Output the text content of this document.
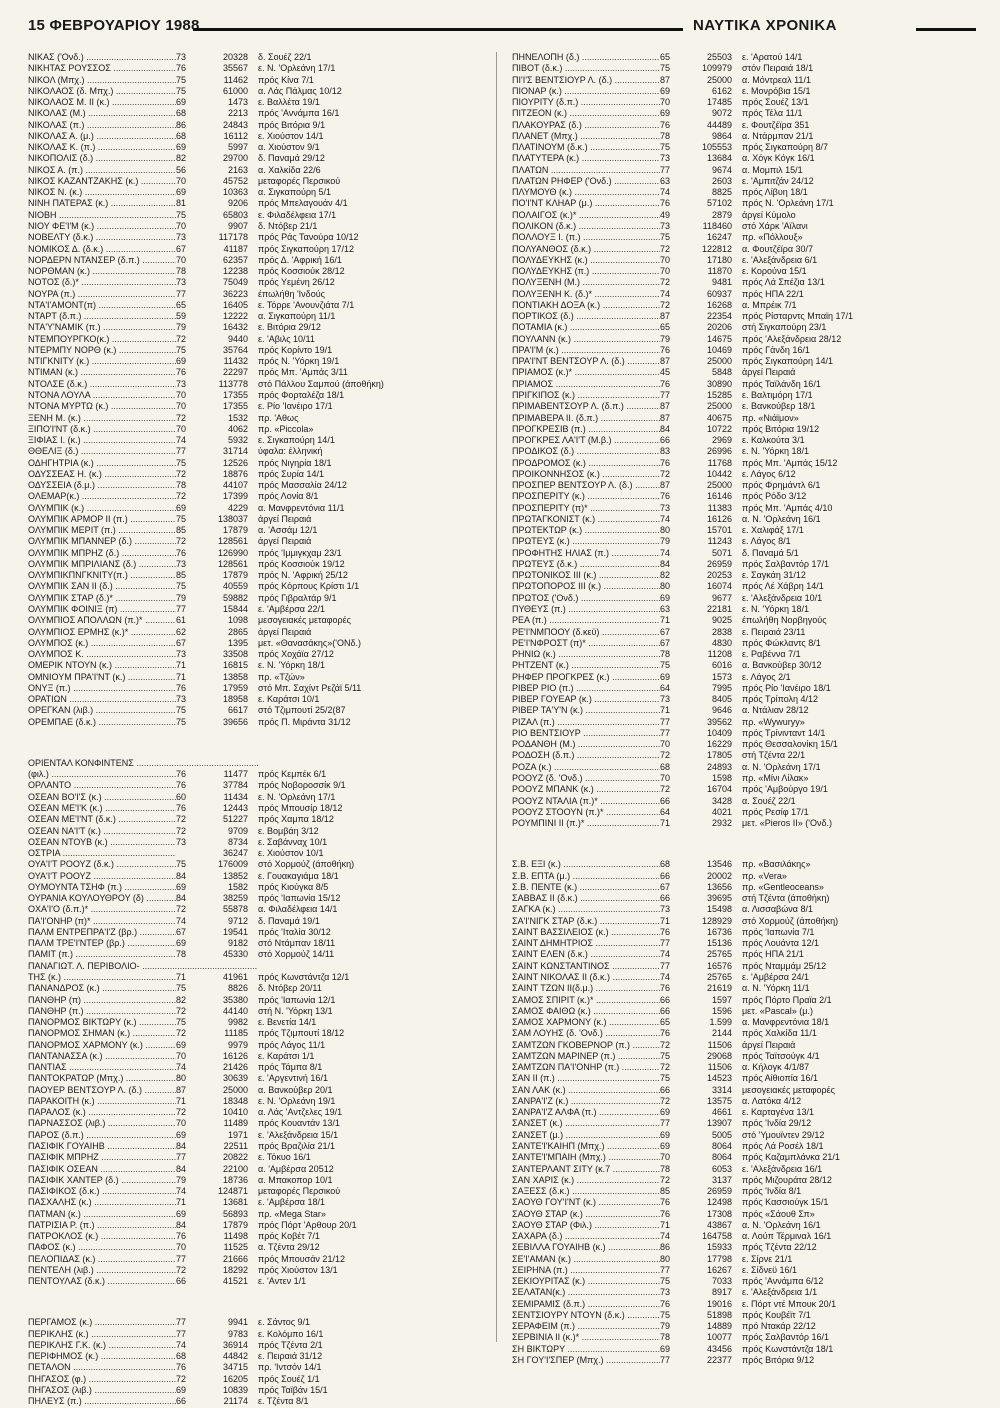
15 ΦΕΒΡΟΥΑΡΙΟΥ 1988	ΝΑΥΤΙΚΑ ΧΡΟΝΙΚΑ
ΝΙΚΑΣ ('Ονδ.) .....	73	20328 δ. Σουέζ 22/1
ΝΙΚΗΤΑΣ ΡΟΥΣΣΟΣ .....	76	35567 ε. Ν. 'Ορλεάνη 17/1
ΝΙΚΟΛ (Μπχ.) .....	75	11462 πρός Κίνα 7/1
ΝΙΚΟΛΑΟΣ (δ. Μπχ.) .....	75	61000 α. Λάς Πάλμας 10/12
ΝΙΚΟΛΑΟΣ Μ. ΙΙ (κ.) .....	69	1473 ε. Βαλλέτα 19/1
ΝΙΚΟΛΑΣ (Μ.) .....	68	2213 πρός 'Αννάμπα 16/1
ΝΙΚΟΛΑΣ (π.) .....	86	24843 πρός Βιτόρια 9/1
ΝΙΚΟΛΑΣ Α. (μ.) .....	68	16112 ε. Χιούστον 14/1
ΝΙΚΟΛΑΣ Κ. (π.) .....	69	5997 α. Χιούστον 9/1
ΝΙΚΟΠΟΛΙΣ (δ.) .....	82	29700 δ. Παναμά 29/12
ΝΙΚΟΣ Α. (π.) .....	56	2163 α. Χαλκίδα 22/6
ΝΙΚΟΣ ΚΑΖΑΝΤΖΑΚΗΣ (κ.) .....	70	45752 μεταφορές Περσικού
ΝΙΚΟΣ Ν. (κ.) .....	69	10363 α. Σιγκαπούρη 5/1
ΝΙΝΗ ΠΑΤΕΡΑΣ (κ.) .....	81	9206 πρός Μπελαγουάν 4/1
ΝΙΟΒΗ .....	75	65803 ε. Φιλαδέλφεια 17/1
ΝΙΟΥ ΦΕ'Ι'Μ (κ.) .....	70	9907 δ. Ντόβερ 21/1
ΝΟΒΕΛΤΥ (δ.κ.) .....	73	117178 πρός Ράς Τανούρα 10/12
ΝΟΜΙΚΟΣ Δ. (δ.κ.) .....	67	41187 πρός Σιγκαπούρη 17/12
ΝΟΡΔΕΡΝ ΝΤΑΝΣΕΡ (δ.π.) .....	70	62357 πρός Δ. 'Αφρική 16/1
ΝΟΡΘΜΑΝ (κ.) .....	78	12238 πρός Κοσσιούκ 28/12
ΝΟΤΟΣ (δ.)* .....	73	75049 πρός Υεμένη 26/12
ΝΟΥΡΑ (π.) .....	77	36223 έπωλήθη 'Ινδούς
ΝΤΑ'Ι'ΑΜΟΝΤ(π) .....	65	16405 ε. Τόρρε 'Ανουνζιάτα 7/1
ΝΤΑΡΤ (δ.π.) .....	59	12222 α. Σιγκαπούρη 11/1
ΝΤΑ'Υ'ΝΑΜΙΚ (π.) .....	79	16432 ε. Βιτόρια 29/12
ΝΤΕΜΠΟΥΡΓΚΟ(κ.) .....	72	9440 ε. 'Αβιλς 10/11
ΝΤΕΡΜΠΥ ΝΟΡΘ (κ.) .....	75	35764 πρός Κορίντο 19/1
ΝΤΙΓΚΝΙΤΥ (κ.) .....	69	11432 πρός Ν. 'Υόρκη 19/1
ΝΤΙΜΑΝ (κ.) .....	76	22297 πρός Μπ. 'Αμπάς 3/11
ΝΤΟΛΣΕ (δ.κ.) .....	73	113778 στό Πάλλου Σαμπού (άποθήκη)
ΝΤΟΝΑ ΛΟΥΛΑ .....	70	17355 πρός Φορταλέζα 18/1
ΝΤΟΝΑ ΜΥΡΤΩ (κ.) .....	70	17355 ε. Ρίο 'Ιανέιρο 17/1
ΞΕΝΗ Μ. (κ.) .....	72	1532 πρ. 'Αθως
ΞΙΠΟ'Ι'ΝΤ (δ.κ.) .....	70	4062 πρ. «Piccola»
ΞΙΦΙΑΣ Ι. (κ.) .....	74	5932 ε. Σιγκαπούρη 14/1
ΘΘΕΛΙΞ (δ.) .....	77	31714 ύφαλα: έλληνική
ΟΔΗΓΗΤΡΙΑ (κ.) .....	75	12526 πρός Νιγηρία 18/1
ΟΔΥΣΣΕΑΣ Η. (κ.) .....	72	18876 πρός Συρία 14/1
ΟΔΥΣΣΕΙΑ (δ.μ.) .....	78	44107 πρός Μασσαλία 24/12
ΟΛΕΜΑΡ(κ.) .....	72	17399 πρός Λονία 8/1
ΟΛΥΜΠΙΚ (κ.) .....	69	4229 α. Μανφρεντόνια 11/1
ΟΛΥΜΠΙΚ ΑΡΜΟΡ ΙΙ (π.) .....	75	138037 άργεί Πειραιά
ΟΛΥΜΠΙΚ ΜΕΡΙΤ (π.) .....	85	17879 α. 'Ασσάμ 12/1
ΟΛΥΜΠΙΚ ΜΠΑΝΝΕΡ (δ.) .....	72	128561 άργεί Πειραιά
ΟΛΥΜΠΙΚ ΜΠΡΗΖ (δ.) .....	76	126990 πρός 'Ιμμιγκχαμ 23/1
ΟΛΥΜΠΙΚ ΜΠΡΙΛΙΑΝΣ (δ.) .....	73	128561 πρός Κοσσιούκ 19/12
ΟΛΥΜΠΙΚΠΝΓΚΝΙΤΥ(π.) .....	85	17879 πρός Ν. 'Αφρική 25/12
ΟΛΥΜΠΙΚ ΣΑΝ ΙΙ (δ.) .....	75	40559 πρός Κόρπους Κρίστι 1/1
ΟΛΥΜΠΙΚ ΣΤΑΡ (δ.)* .....	79	59882 πρός Γιβραλτάρ 9/1
ΟΛΥΜΠΙΚ ΦΟΙΝΙΞ (π) .....	77	15844 ε. 'Αμβέρσα 22/1
ΟΛΥΜΠΙΟΣ ΑΠΟΛΛΩΝ (π.)* .....	61	1098 μεσογειακές μεταφορές
ΟΛΥΜΠΙΟΣ ΕΡΜΗΣ (κ.)* .....	62	2865 άργεί Πειραιά
ΟΛΥΜΠΟΣ (κ.) .....	67	1395 μετ. «Θανασάκης»('ΟΝδ.)
ΟΛΥΜΠΟΣ Κ. .....	73	33508 πρός Χοχάϊα 27/12
ΟΜΕΡΙΚ ΝΤΟΥΝ (κ.) .....	71	16815 ε. Ν. 'Υόρκη 18/1
ΟΜΝΙΟΥΜ ΠΡΑ'Ι'ΝΤ (κ.) .....	71	13858 πρ. «Τζών»
ΟΝΥΞ (π.) .....	76	17959 στό Μπ. Σαχίντ Ρεζάϊ 5/11
ΟΡΑΤΙΩΝ .....	73	18958 ε. Καράτσι 10/1
ΟΡΕΓΚΑΝ (λιβ.) .....	75	6617 στό Τζιμπουτί 25/2(87
ΟΡΕΜΠΑΕ (δ.κ.) .....	75	39656 πρός Π. Μιράντα 31/12
ΟΡΙΕΝΤΑΛ ΚΟΝΦΙΝΤΕΝΣ .....
(φιλ.) .....	76	11477 πρός Κεμπέκ 6/1
ΟΡΛΑΝΤΟ .....	76	37784 πρός Νοβοροσσίκ 9/1
ΟΣΕΑΝ ΒΟ'Ι'Σ (κ.) .....	60	11434 ε. Ν. 'Ορλεάνη 17/1
ΟΣΕΑΝ ΜΕ'Ι'Κ (κ.) .....	76	12443 πρός Μπουσίρ 18/12
ΟΣΕΑΝ ΜΕ'Ι'ΝΤ (δ.κ.) .....	72	51227 πρός Χαμπα 18/12
ΟΣΕΑΝ ΝΑ'Ι'Τ (κ.) .....	72	9709 ε. Βομβάη 3/12
ΟΣΕΑΝ ΝΤΟΥΒ (κ.) .....	73	8734 ε. Σαβάνναχ 10/1
ΟΣΤΡΙΑ .....	36247 ε. Χιούστον 10/1
ΟΥΑ'Ι'Τ ΡΟΟΥΖ (δ.κ.) .....	75	176009 στό Χορμούζ (άποθήκη)
ΟΥΑ'Ι'Τ ΡΟΟΥΖ .....	84	13852 ε. Γουακαγιάμα 18/1
ΟΥΜΟΥΝΤΑ ΤΣΗΦ (π.) .....	69	1582 πρός Κιούγκα 8/5
ΟΥΡΑΝΙΑ ΚΟΥΛΟΥΘΡΟΥ (δ) .....	84	38259 πρός 'Ιαπωνία 15/12
ΟΧΑ'Ι'Ο (δ.π.)* .....	72	55878 α. Φιλαδέλφεια 14/1
ΠΑ'Ι'ΟΝΗΡ (π)* .....	74	9712 δ. Παναμά 19/1
ΠΑΛΜ ΕΝΤΡΕΠΡΑ'Ι'Ζ (βρ.) .....	67	19541 πρός 'Ιταλία 30/12
ΠΑΛΜ ΤΡΕ'Ι'ΝΤΕΡ (βρ.) .....	69	9182 στό Ντάμπαν 18/11
ΠΑΜΙΤ (π.) .....	78	45330 στό Χορμούζ 14/11
ΠΑΝΑΓΙΩΤ. Λ. ΠΕΡΙΒΟΛΙΟ- .....
ΤΗΣ (κ.) .....	71	41961 πρός Κωνστάντζα 12/1
ΠΑΝΑΝΔΡΟΣ (κ.) .....	75	8826 δ. Ντόβερ 20/11
ΠΑΝΘΗΡ (π) .....	82	35380 πρός 'Ιαπωνία 12/1
ΠΑΝΘΗΡ (π.) .....	72	44140 στή Ν. 'Υόρκη 13/1
ΠΑΝΟΡΜΟΣ ΒΙΚΤΩΡΥ (κ.) .....	75	9982 ε. Βενετία 14/1
ΠΑΝΟΡΜΟΣ ΣΗΜΑΝ (κ.) .....	72	11185 πρός Τζιμπουτί 18/12
ΠΑΝΟΡΜΟΣ ΧΑΡΜΟΝΥ (κ.) .....	69	9979 πρός Λάγος 11/1
ΠΑΝΤΑΝΑΣΣΑ (κ.) .....	70	16126 ε. Καράτσι 1/1
ΠΑΝΤΙΑΣ .....	74	21426 πρός Τάμπα 8/1
ΠΑΝΤΟΚΡΑΤΩΡ (Μπχ.) .....	80	30639 ε. 'Αργεντινή 16/1
ΠΑΟΥΕΡ ΒΕΝΤΣΟΥΡ Λ. (δ.) .....	87	25000 α. Βανκούβερ 20/1
ΠΑΡΑΚΟΙΤΗ (κ.) .....	71	18348 ε. Ν. 'Ορλεάνη 19/1
ΠΑΡΑΛΟΣ (κ.) .....	72	10410 α. Λάς 'Αντζελες 19/1
ΠΑΡΝΑΣΣΟΣ (λιβ.) .....	70	11489 πρός Κουαντάν 13/1
ΠΑΡΟΣ (δ.π.) .....	69	1971 ε. 'Αλεξάνδρεια 15/1
ΠΑΣΙΦΙΚ ΓΟΥΑΙΗΒ .....	84	22511 πρός Βραζιλία 21/1
ΠΑΣΙΦΙΚ ΜΠΡΗΖ .....	77	20822 ε. Τόκυο 16/1
ΠΑΣΙΦΙΚ ΟΣΕΑΝ .....	84	22100 α. 'Αμβέρσα 20512
ΠΑΣΙΦΙΚ ΧΑΝΤΕΡ (δ.) .....	79	18736 α. Μπακοπορ 10/1
ΠΑΣΙΦΙΚΟΣ (δ.κ.) .....	74	124871 μεταφορές Περσικού
ΠΑΣΧΑΛΗΣ (κ.) .....	71	13681 ε. 'Αμβέρσα 18/1
ΠΑΤΜΑΝ (κ.) .....	69	56893 πρ. «Mega Star»
ΠΑΤΡΙΣΙΑ Ρ. (π.) .....	84	17879 πρός Πόρτ 'Αρθουρ 20/1
ΠΑΤΡΟΚΛΟΣ (κ.) .....	76	11498 πρός Κοβέτ 7/1
ΠΑΦΟΣ (κ.) .....	70	11525 α. Τζέντα 29/12
ΠΕΛΟΠΙΔΑΣ (κ.) .....	77	21666 πρός Μπουσάν 21/12
ΠΕΝΤΕΛΗ (λιβ.) .....	72	18292 πρός Χιούστον 13/1
ΠΕΝΤΟΥΛΑΣ (δ.κ.) .....	66	41521 ε. 'Αντεν 1/1
ΠΕΡΓΑΜΟΣ (κ.) .....	77	9941 ε. Σάντος 9/1
ΠΕΡΙΚΛΗΣ (κ.) .....	77	9783 ε. Κολόμπο 16/1
ΠΕΡΙΚΛΗΣ Γ.Κ. (κ.) .....	74	36914 πρός Τζέντα 2/1
ΠΕΡΙΦΗΜΟΣ (κ.) .....	68	44842 ε. Πειραιά 31/12
ΠΕΤΑΛΟΝ .....	76	34715 πρ. 'Ιντσόν 14/1
ΠΗΓΑΣΟΣ (φ.) .....	72	16205 πρός Σουέζ 1/1
ΠΗΓΑΣΟΣ (λιβ.) .....	69	10839 πρός Ταϊβάν 15/1
ΠΗΛΕΥΣ (π.) .....	66	21174 ε. Τζέντα 8/1
ΠΗΝΕΛΟΠΗ (δ.) .....	65	25503 ε. 'Αρατού 14/1
ΠΙΒΟΤ (δ.κ.) .....	75	109979 στόν Πειραιά 18/1
ΠΙ'Ι'Σ ΒΕΝΤΣΙΟΥΡ Λ. (δ.) .....	87	25000 α. Μόντρεαλ 11/1
ΠΙΟΝΑΡ (κ.) .....	69	6162 ε. Μονρόβια 15/1
ΠΙΟΥΡΙΤΥ (δ.π.) .....	70	17485 πρός Σουέζ 13/1
ΠΙΤΖΕΟΝ (κ.) .....	69	9072 πρός Τέλα 11/1
ΠΛΑΚΟΥΡΑΣ (δ.) .....	76	44489 ε. Φουτζέϊρα 351
ΠΛΑΝΕΤ (Μπχ.) .....	78	9864 α. Ντάρμπαν 21/1
ΠΛΑΤΙΝΟΥΜ (δ.κ.) .....	75	105553 πρός Σιγκαπούρη 8/7
ΠΛΑΤΥΤΕΡΑ (κ.) .....	73	13684 α. Χόγκ Κόγκ 16/1
ΠΛΑΤΩΝ .....	77	9674 α. Μομπιλ 15/1
ΠΛΑΤΩΝ ΡΗΦΕΡ ('Ονδ.) .....	63	2603 ε. 'Αμπιτζάν 24/12
ΠΛΥΜΟΥΘ (κ.) .....	74	8825 πρός Λίβυη 18/1
ΠΟ'Ι'ΝΤ ΚΛΗΑΡ (μ.) .....	76	57102 πρός Ν. 'Ορλεάνη 17/1
ΠΟΛΑΙΓΟΣ (κ.)* .....	49	2879 άργεί Κύμολο
ΠΟΛΙΚΟΝ (δ.κ.) .....	73	118460 στό Χάρκ 'Αϊλανι
ΠΟΛΛΟΥΞ Ι. (π.) .....	75	16247 πρ. «Πόλλουξ»
ΠΟΛΥΑΝΘΟΣ (δ.κ.) .....	72	122812 α. Φουτζέϊρα 30/7
ΠΟΛΥΔΕΥΚΗΣ (κ.) .....	70	17180 ε. 'Αλεξάνδρεια 6/1
ΠΟΛΥΔΕΥΚΗΣ (π.) .....	70	11870 ε. Κορούνα 15/1
ΠΟΛΥΞΕΝΗ (Μ.) .....	72	9481 πρός Λά Σπέζια 13/1
ΠΟΛΥΞΕΝΗ Κ. (δ.)* .....	74	60937 πρός ΗΠΑ 22/1
ΠΟΝΤΙΑΚΗ ΔΟΞΑ (κ.) .....	72	16268 α. Μπρέικ 7/1
ΠΟΡΤΙΚΟΣ (δ.) .....	87	22354 πρός Ρίσταρντς Μπαϊη 17/1
ΠΟΤΑΜΙΑ (κ.) .....	65	20206 στή Σιγκαπούρη 23/1
ΠΟΥΛΑΝΝ (κ.) .....	79	14675 πρός 'Αλεξάνδρεια 28/12
ΠΡΑ'Ι'Μ (κ.) .....	76	10469 πρός Γάνδη 16/1
ΠΡΑ'Ι'ΝΤ ΒΕΝΤΣΟΥΡ Λ. (δ.) .....	87	25000 πρός Σιγκαπούρη 14/1
ΠΡΙΑΜΟΣ (κ.)* .....	45	5848 άργεί Πειραιά
ΠΡΙΑΜΟΣ .....	76	30890 πρός Ταϊλάνδη 16/1
ΠΡΙΓΚΙΠΟΣ (κ.) .....	77	15285 ε. Βαλτιμόρη 17/1
ΠΡΙΜΑΒΕΝΤΣΟΥΡ Λ. (δ.π.) .....	87	25000 ε. Βανκούβερ 18/1
ΠΡΙΜΑΒΕΡΑ ΙΙ. (δ.π.) .....	87	40675 πρ. «Νιάϊμον»
ΠΡΟΓΚΡΕΣΙΒ (π.) .....	84	10722 πρός Βιτόρια 19/12
ΠΡΟΓΚΡΕΣ ΛΑ'Ι'Τ (Μ.β.) .....	66	2969 ε. Καλκούτα 3/1
ΠΡΟΔΙΚΟΣ (δ.) .....	83	26996 ε. Ν. 'Υόρκη 18/1
ΠΡΟΔΡΟΜΟΣ (κ.) .....	76	11768 πρός Μπ. 'Αμπάς 15/12
ΠΡΟΙΚΟΝΝΗΣΟΣ (κ.) .....	72	10442 ε. Λάγος 6/12
ΠΡΟΣΠΕΡ ΒΕΝΤΣΟΥΡ Λ. (δ.) .....	87	25000 πρός Φρημάντλ 6/1
ΠΡΟΣΠΕΡΙΤΥ (κ.) .....	76	16146 πρός Ρόδο 3/12
ΠΡΟΣΠΕΡΙΤΥ (π)* .....	73	11383 πρός Μπ. 'Αμπάς 4/10
ΠΡΩΤΑΓΚΟΝΙΣΤ (κ.) .....	74	16126 α. Ν. 'Ορλεάνη 16/1
ΠΡΩΤΕΚΤΩΡ (κ.) .....	80	15701 ε. Χαλιφάξ 17/1
ΠΡΩΤΕΥΣ (κ.) .....	79	11243 ε. Λάγος 8/1
ΠΡΟΦΗΤΗΣ ΗΛΙΑΣ (π.) .....	74	5071 δ. Παναμά 5/1
ΠΡΩΤΕΥΣ (δ.κ.) .....	84	26959 πρός Σαλβαντόρ 17/1
ΠΡΩΤΟΝΙΚΟΣ ΙΙΙ (κ.) .....	82	20253 ε. Σαγκάη 31/12
ΠΡΩΤΟΠΟΡΟΣ ΙΙΙ (κ.) .....	80	16074 πρός Λέ Χάβρη 14/1
ΠΡΩΤΟΣ ('Ονδ.) .....	69	9677 ε. 'Αλεξάνδρεια 10/1
ΠΥΘΕΥΣ (π.) .....	63	22181 ε. Ν. 'Υόρκη 18/1
ΡΕΑ (π.) .....	71	9025 έπωλήθη Νορβηγούς
ΡΕ'Ι'ΝΜΠΟΟΥ (δ.κεϋ) .....	67	2838 ε. Πειραιά 23/11
ΡΕ'Ι'ΝΦΡΟΣΤ (π)* .....	67	4830 πρός Φώκλαντς 8/1
ΡΗΝΙΩ (κ.) .....	78	11208 ε. Ραβέννα 7/1
ΡΗΤΖΕΝΤ (κ.) .....	75	6016 α. Βανκούβερ 30/12
ΡΗΦΕΡ ΠΡΟΓΚΡΕΣ (κ.) .....	69	1573 ε. Λάγος 2/1
ΡΙΒΕΡ ΡΙΟ (π.) .....	64	7995 πρός Ρίο 'Ιανέιρο 18/1
ΡΙΒΕΡ ΓΟΥΕΑΡ (κ.) .....	73	8405 πρός Τρίπολη 4/12
ΡΙΒΕΡ ΤΑ'Υ'Ν (κ.) .....	71	9646 α. Ντάλιαν 28/12
ΡΙΖΑΛ (π.) .....	77	39562 πρ. «Wywuryy»
ΡΙΟ ΒΕΝΤΣΙΟΥΡ .....	77	10409 πρός Τρίνινταντ 14/1
ΡΟΔΑΝΘΗ (Μ.) .....	70	16229 πρός Θεσσαλονίκη 15/1
ΡΟΔΟΣΗ (δ.π.) .....	72	17805 στή Τζέντα 22/1
ΡΟΖΑ (κ.) .....	68	24893 α. Ν. 'Ορλεάνη 17/1
ΡΟΟΥΖ (δ. 'Ονδ.) .....	70	1598 πρ. «Μίνι Λίλακ»
ΡΟΟΥΖ ΜΠΑΝΚ (κ.) .....	72	16704 πρός 'Αμβούργο 19/1
ΡΟΟΥΖ ΝΤΑΛΙΑ (π.)* .....	66	3428 α. Σουέζ 22/1
ΡΟΟΥΖ ΣΤΟΟΥΝ (π.)* .....	64	4021 πρός Ρεσίφ 17/1
ΡΟΥΜΠΙΝΙ ΙΙ (π.)* .....	71	2932 μετ. «Pieros ΙΙ» ('Ονδ.)
Σ.Β. ΕΞΙ (κ.) .....	68	13546 πρ. «Βασιλάκης»
Σ.Β. ΕΠΤΑ (μ.) .....	66	20002 πρ. «Vera»
Σ.Β. ΠΕΝΤΕ (κ.) .....	67	13656 πρ. «Gentleoceans»
ΣΑΒΒΑΣ ΙΙ (δ.κ.) .....	66	39695 στή Τζέντα (άποθήκη)
ΣΑΓΚΑ (κ.) .....	73	15498 α. Λισσαβώνα 8/1
ΣΑ'Ι'ΝΙΓΚ ΣΤΑΡ (δ.κ.) .....	71	128929 στό Χορμούζ (άποθήκη)
ΣΑΙΝΤ ΒΑΣΣΙΛΕΙΟΣ (κ.) .....	76	16736 πρός 'Ιαπωνία 7/1
ΣΑΙΝΤ ΔΗΜΗΤΡΙΟΣ .....	77	15136 πρός Λουάντα 12/1
ΣΑΙΝΤ ΕΛΕΝ (δ.κ.) .....	74	25765 πρός ΗΠΑ 21/1
ΣΑΙΝΤ ΚΩΝΣΤΑΝΤΙΝΟΣ .....	77	16576 πρός Νταμμάμ 25/12
ΣΑΙΝΤ ΝΙΚΟΛΑΣ ΙΙ (δ.κ.) .....	74	25765 ε. 'Αμβέρσα 24/1
ΣΑΙΝΤ ΤΖΩΝ ΙΙ(δ.μ.) .....	76	21619 α. Ν. 'Υόρκη 11/1
ΣΑΜΟΣ ΣΠΙΡΙΤ (κ.)* .....	66	1597 πρός Πόρτο Πραϊα 2/1
ΣΑΜΟΣ ΦΑΙΘΩ (κ.) .....	66	1596 μετ. «Pascal» (μ.)
ΣΑΜΟΣ ΧΑΡΜΟΝΥ (κ.) .....	65	1.599 α. Μανφρεντόνια 18/1
ΣΑΜ ΛΟΥΗΣ (δ. 'Ονδ.) .....	76	2144 πρός Χαλκίδα 11/1
ΣΑΜΤΖΩΝ ΓΚΟΒΕΡΝΟΡ (π.) .....	72	11506 άργεί Πειραιά
ΣΑΜΤΖΩΝ ΜΑΡΙΝΕΡ (π.) .....	75	29068 πρός Ταϊτσούγκ 4/1
ΣΑΜΤΖΩΝ ΠΑ'Ι'ΟΝΗΡ (π.) .....	72	11506 α. Κήλογκ 4/1/87
ΣΑΝ ΙΙ (π.) .....	75	14523 πρός Αίθιοπία 16/1
ΣΑΝ ΛΑΚ (κ.) .....	66	3314 μεσογειακές μεταφορές
ΣΑΝΡΑ'Ι'Ζ (κ.) .....	72	13575 α. Λατόκα 4/12
ΣΑΝΡΑ'Ι'Ζ ΑΛΦΑ (π.) .....	69	4661 ε. Καρταγένα 13/1
ΣΑΝΣΕΤ (κ.) .....	77	13907 πρός 'Ινδία 29/12
ΣΑΝΣΕΤ (μ.) .....	69	5005 στό 'Υμουϊντεν 29/12
ΣΑΝΤΕ'Ι'ΚΑΙΗΠ (Μπχ.) .....	69	8064 πρός Λά Ροσέλ 18/1
ΣΑΝΤΕ'Ι'ΜΠΑΙΗ (Μπχ.) .....	70	8064 πρός Καζαμπλάνκα 21/1
ΣΑΝΤΕΡΛΑΝΤ ΣΙΤΥ (κ.7 .....	78	6053 ε. 'Αλεξάνδρεια 16/1
ΣΑΝ ΧΑΡΙΣ (κ.) .....	72	3137 πρός Μιζουράτα 28/12
ΣΑΞΕΣΣ (δ.κ.) .....	85	26959 πρός 'Ινδία 8/1
ΣΑΟΥΘ ΓΟΥ'Ι'ΝΤ (κ.) .....	76	12498 πρός Κασσιούγκ 15/1
ΣΑΟΥΘ ΣΤΑΡ (κ.) .....	76	17308 πρός «Σάουθ Σπ»
ΣΑΟΥΘ ΣΤΑΡ (Φιλ.) .....	71	43867 α. Ν. 'Ορλεάνη 16/1
ΣΑΧΑΡΑ (δ.) .....	74	164758 α. Λούπ Τέρμιναλ 16/1
ΣΕΒΙΛΛΑ ΓΟΥΑΙΗΒ (κ.) .....	86	15933 πρός Τζέντα 22/12
ΣΕ'Ι'ΑΜΑΝ (κ.) .....	80	17798 ε. Σίρνε 21/1
ΣΕΙΡΗΝΑ (π.) .....	77	16267 ε. Σίδνεϋ 16/1
ΣΕΚΙΟΥΡΙΤΑΣ (κ.) .....	75	7033 πρός 'Αννάμπα 6/12
ΣΕΛΑΤΑΝ(κ.) .....	73	8917 ε. 'Αλεξάνδρεια 1/1
ΣΕΜΙΡΑΜΙΣ (δ.π.) .....	76	19016 ε. Πόρτ ντέ Μπουκ 20/1
ΣΕΝΤΣΙΟΥΡΥ ΝΤΟΥΝ (δ.κ.) .....	75	51898 πρός Κουβέϊτ 7/1
ΣΕΡΑΦΕΙΜ (π.) .....	79	14889 πρό Ντακάρ 22/12
ΣΕΡΒΙΝΙΑ ΙΙ (κ.)* .....	78	10077 πρός Σαλβαντόρ 16/1
ΣΗ ΒΙΚΤΩΡΥ .....	69	43456 πρός Κωνστάντζα 18/1
ΣΗ ΓΟΥ'Ι'ΣΠΕΡ (Μπχ.) .....	77	22377 πρός Βιτόρια 9/12
